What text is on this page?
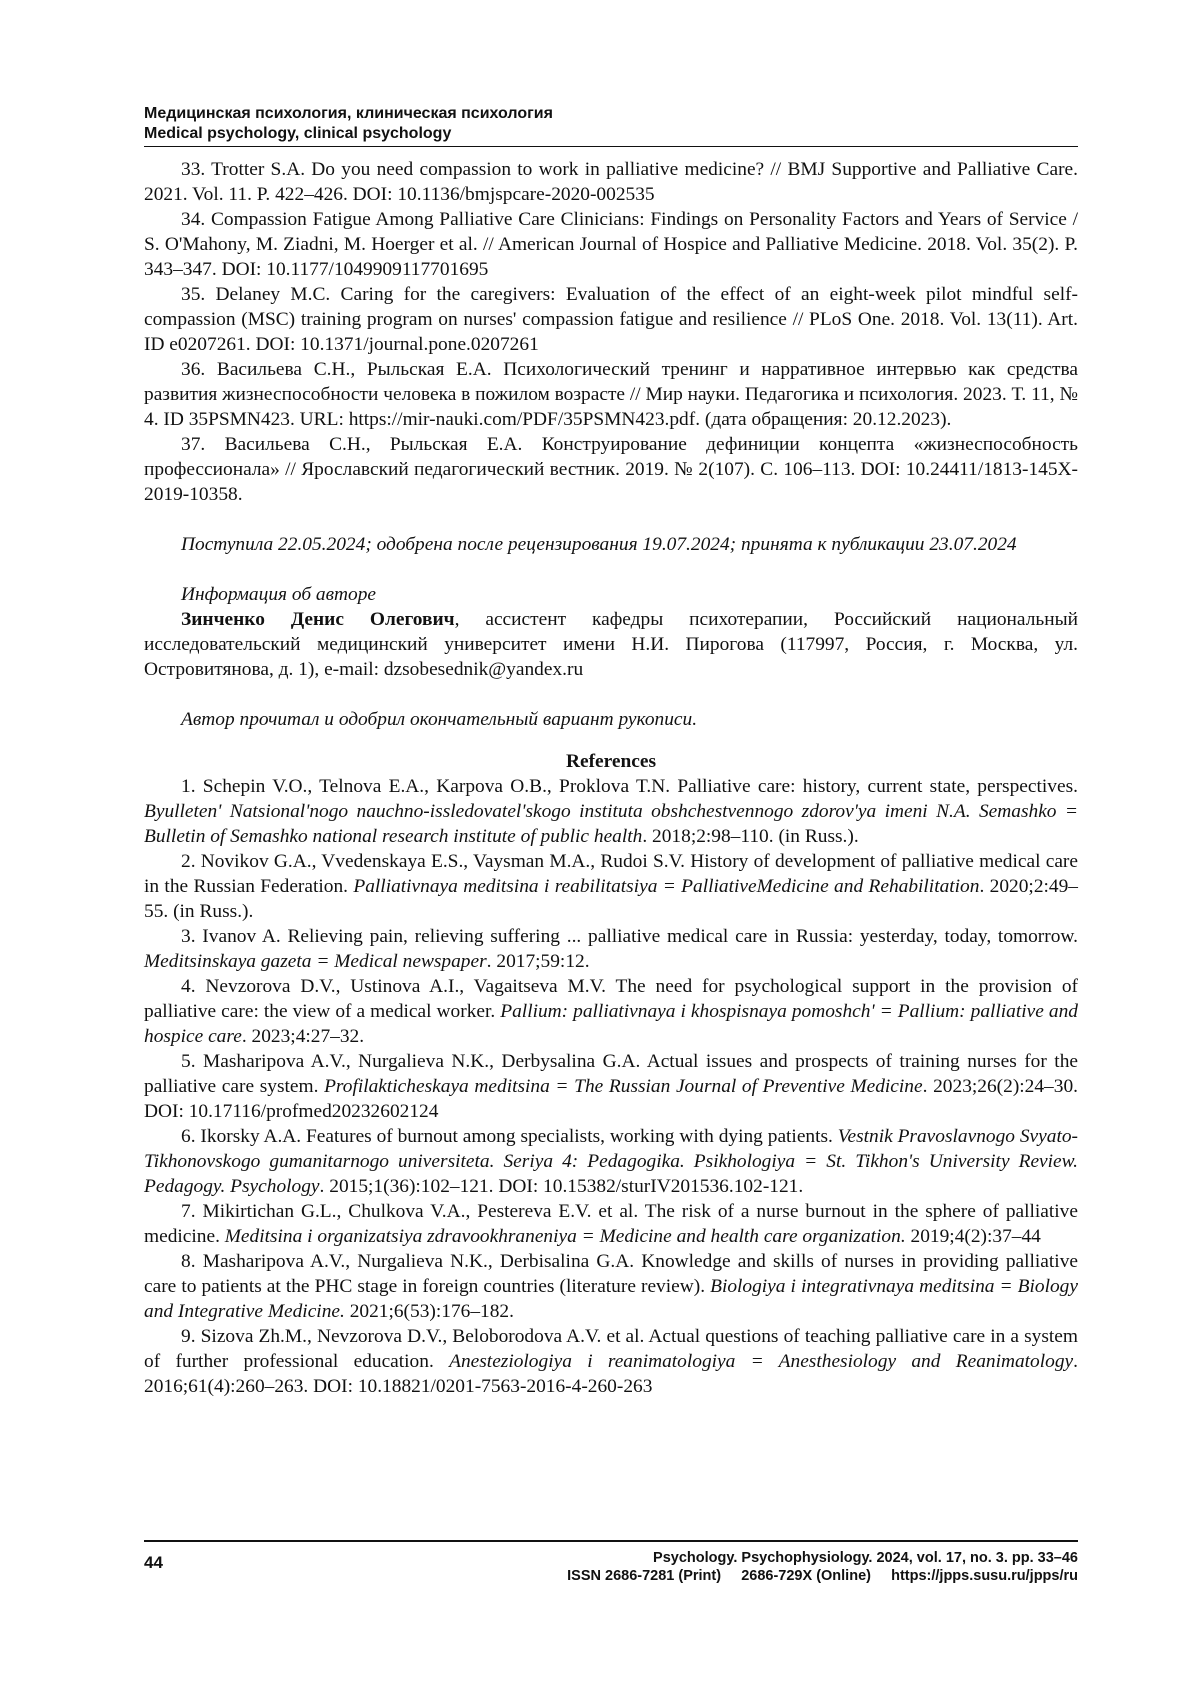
Медицинская психология, клиническая психология
Medical psychology, clinical psychology

33. Trotter S.A. Do you need compassion to work in palliative medicine? // BMJ Supportive and Palliative Care. 2021. Vol. 11. P. 422–426. DOI: 10.1136/bmjspcare-2020-002535

34. Compassion Fatigue Among Palliative Care Clinicians: Findings on Personality Factors and Years of Service / S. O'Mahony, M. Ziadni, M. Hoerger et al. // American Journal of Hospice and Palliative Medicine. 2018. Vol. 35(2). P. 343–347. DOI: 10.1177/1049909117701695

35. Delaney M.C. Caring for the caregivers: Evaluation of the effect of an eight-week pilot mindful self-compassion (MSC) training program on nurses' compassion fatigue and resilience // PLoS One. 2018. Vol. 13(11). Art. ID e0207261. DOI: 10.1371/journal.pone.0207261

36. Васильева С.Н., Рыльская Е.А. Психологический тренинг и нарративное интервью как средства развития жизнеспособности человека в пожилом возрасте // Мир науки. Педагогика и психология. 2023. Т. 11, № 4. ID 35PSMN423. URL: https://mir-nauki.com/PDF/35PSMN423.pdf. (дата обращения: 20.12.2023).

37. Васильева С.Н., Рыльская Е.А. Конструирование дефиниции концепта «жизнеспособность профессионала» // Ярославский педагогический вестник. 2019. № 2(107). С. 106–113. DOI: 10.24411/1813-145X-2019-10358.

Поступила 22.05.2024; одобрена после рецензирования 19.07.2024; принята к публикации 23.07.2024

Информация об авторе

Зинченко Денис Олегович, ассистент кафедры психотерапии, Российский национальный исследовательский медицинский университет имени Н.И. Пирогова (117997, Россия, г. Москва, ул. Островитянова, д. 1), e-mail: dzsobesednik@yandex.ru

Автор прочитал и одобрил окончательный вариант рукописи.

References

1. Schepin V.O., Telnova E.A., Karpova O.B., Proklova T.N. Palliative care: history, current state, perspectives. Byulleten' Natsional'nogo nauchno-issledovatel'skogo instituta obshchestvennogo zdorov'ya imeni N.A. Semashko = Bulletin of Semashko national research institute of public health. 2018;2:98–110. (in Russ.).

2. Novikov G.A., Vvedenskaya E.S., Vaysman M.A., Rudoi S.V. History of development of palliative medical care in the Russian Federation. Palliativnaya meditsina i reabilitatsiya = PalliativeMedicine and Rehabilitation. 2020;2:49–55. (in Russ.).

3. Ivanov A. Relieving pain, relieving suffering ... palliative medical care in Russia: yesterday, today, tomorrow. Meditsinskaya gazeta = Medical newspaper. 2017;59:12.

4. Nevzorova D.V., Ustinova A.I., Vagaitseva M.V. The need for psychological support in the provision of palliative care: the view of a medical worker. Pallium: palliativnaya i khospisnaya pomoshch' = Pallium: palliative and hospice care. 2023;4:27–32.

5. Masharipova A.V., Nurgalieva N.K., Derbysalina G.A. Actual issues and prospects of training nurses for the palliative care system. Profilakticheskaya meditsina = The Russian Journal of Preventive Medicine. 2023;26(2):24–30. DOI: 10.17116/profmed20232602124

6. Ikorsky A.A. Features of burnout among specialists, working with dying patients. Vestnik Pravoslavnogo Svyato-Tikhonovskogo gumanitarnogo universiteta. Seriya 4: Pedagogika. Psikhologiya = St. Tikhon's University Review. Pedagogy. Psychology. 2015;1(36):102–121. DOI: 10.15382/sturIV201536.102-121.

7. Mikirtichan G.L., Chulkova V.A., Pestereva E.V. et al. The risk of a nurse burnout in the sphere of palliative medicine. Meditsina i organizatsiya zdravookhraneniya = Medicine and health care organization. 2019;4(2):37–44

8. Masharipova A.V., Nurgalieva N.K., Derbisalina G.A. Knowledge and skills of nurses in providing palliative care to patients at the PHC stage in foreign countries (literature review). Biologiya i integrativnaya meditsina = Biology and Integrative Medicine. 2021;6(53):176–182.

9. Sizova Zh.M., Nevzorova D.V., Beloborodova A.V. et al. Actual questions of teaching palliative care in a system of further professional education. Anesteziologiya i reanimatologiya = Anesthesiology and Reanimatology. 2016;61(4):260–263. DOI: 10.18821/0201-7563-2016-4-260-263

44	Psychology. Psychophysiology. 2024, vol. 17, no. 3. pp. 33–46
ISSN 2686-7281 (Print)     2686-729X (Online)     https://jpps.susu.ru/jpps/ru
